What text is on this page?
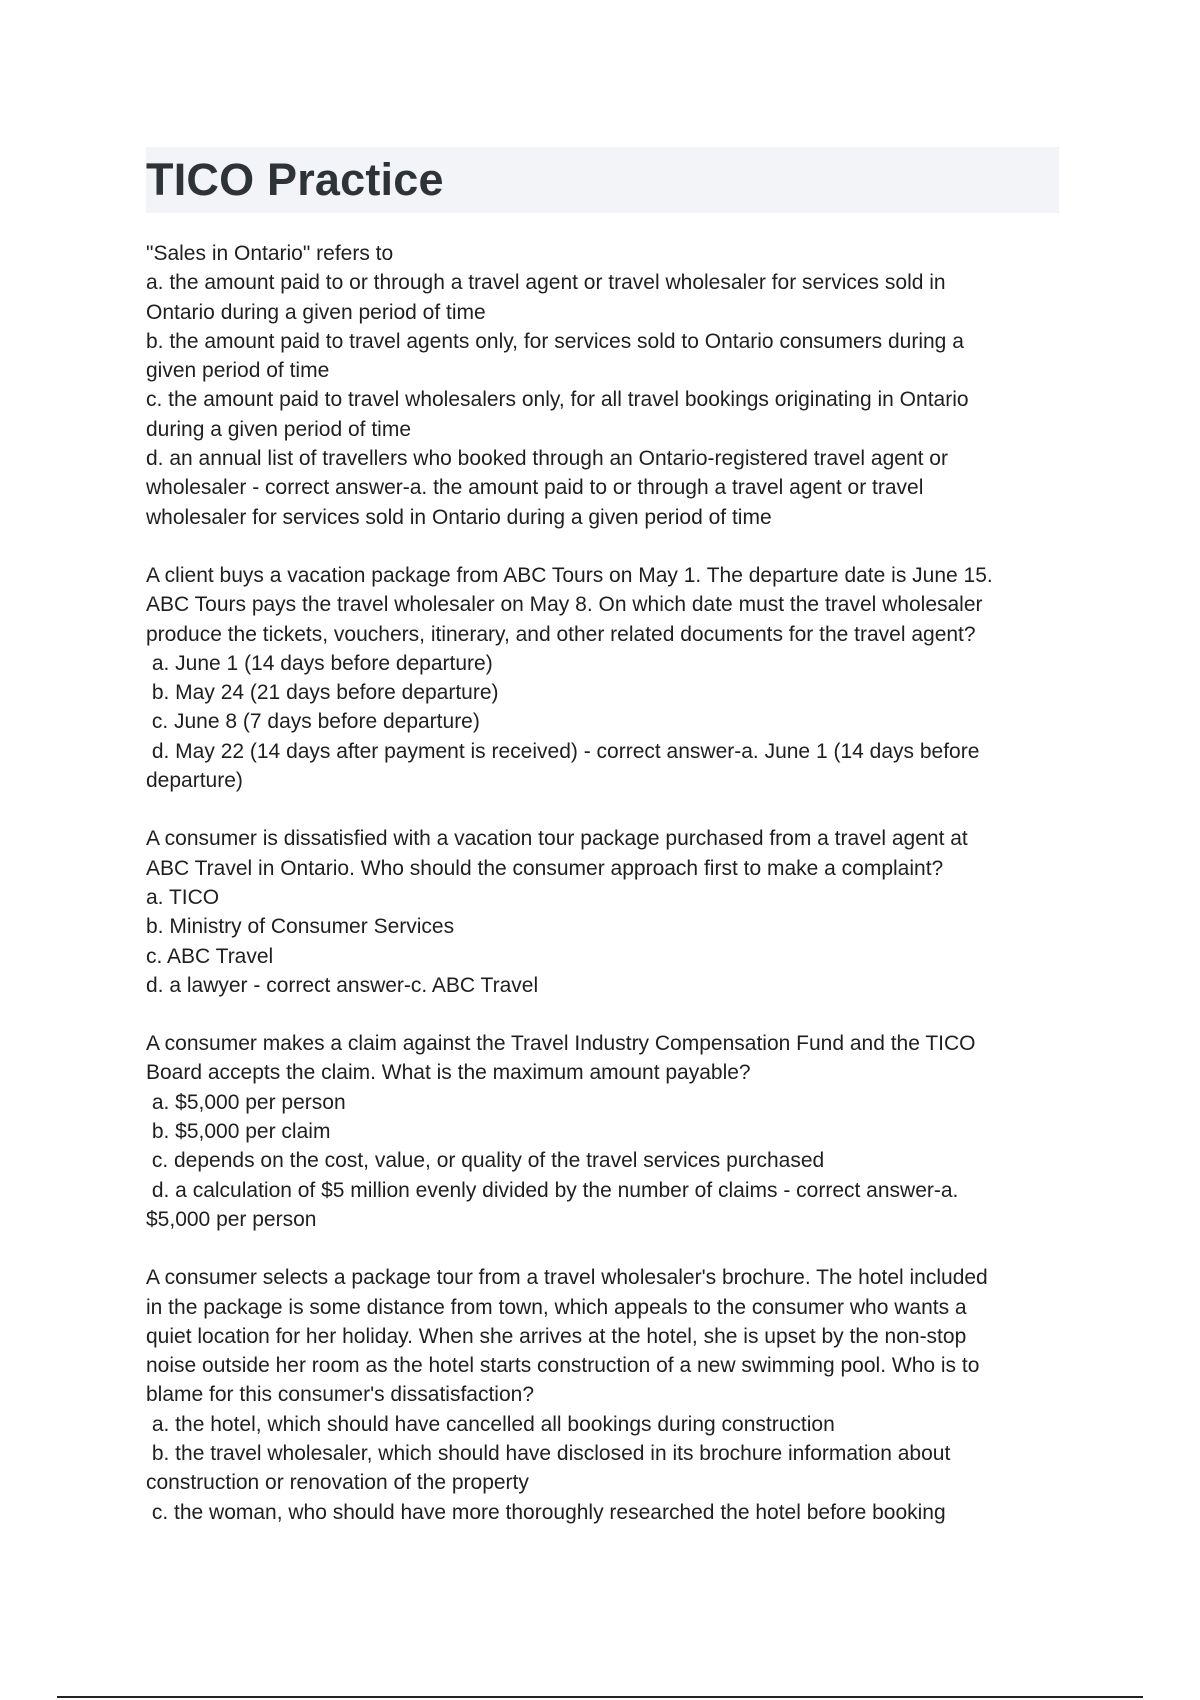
TICO Practice
"Sales in Ontario" refers to
a. the amount paid to or through a travel agent or travel wholesaler for services sold in
Ontario during a given period of time
b. the amount paid to travel agents only, for services sold to Ontario consumers during a
given period of time
c. the amount paid to travel wholesalers only, for all travel bookings originating in Ontario
during a given period of time
d. an annual list of travellers who booked through an Ontario-registered travel agent or
wholesaler - correct answer-a. the amount paid to or through a travel agent or travel
wholesaler for services sold in Ontario during a given period of time
A client buys a vacation package from ABC Tours on May 1. The departure date is June 15.
ABC Tours pays the travel wholesaler on May 8. On which date must the travel wholesaler
produce the tickets, vouchers, itinerary, and other related documents for the travel agent?
a. June 1 (14 days before departure)
b. May 24 (21 days before departure)
c. June 8 (7 days before departure)
d. May 22 (14 days after payment is received) - correct answer-a. June 1 (14 days before
departure)
A consumer is dissatisfied with a vacation tour package purchased from a travel agent at
ABC Travel in Ontario. Who should the consumer approach first to make a complaint?
a. TICO
b. Ministry of Consumer Services
c. ABC Travel
d. a lawyer - correct answer-c. ABC Travel
A consumer makes a claim against the Travel Industry Compensation Fund and the TICO
Board accepts the claim. What is the maximum amount payable?
a. $5,000 per person
b. $5,000 per claim
c. depends on the cost, value, or quality of the travel services purchased
d. a calculation of $5 million evenly divided by the number of claims - correct answer-a.
$5,000 per person
A consumer selects a package tour from a travel wholesaler's brochure. The hotel included
in the package is some distance from town, which appeals to the consumer who wants a
quiet location for her holiday. When she arrives at the hotel, she is upset by the non-stop
noise outside her room as the hotel starts construction of a new swimming pool. Who is to
blame for this consumer's dissatisfaction?
a. the hotel, which should have cancelled all bookings during construction
b. the travel wholesaler, which should have disclosed in its brochure information about
construction or renovation of the property
c. the woman, who should have more thoroughly researched the hotel before booking
